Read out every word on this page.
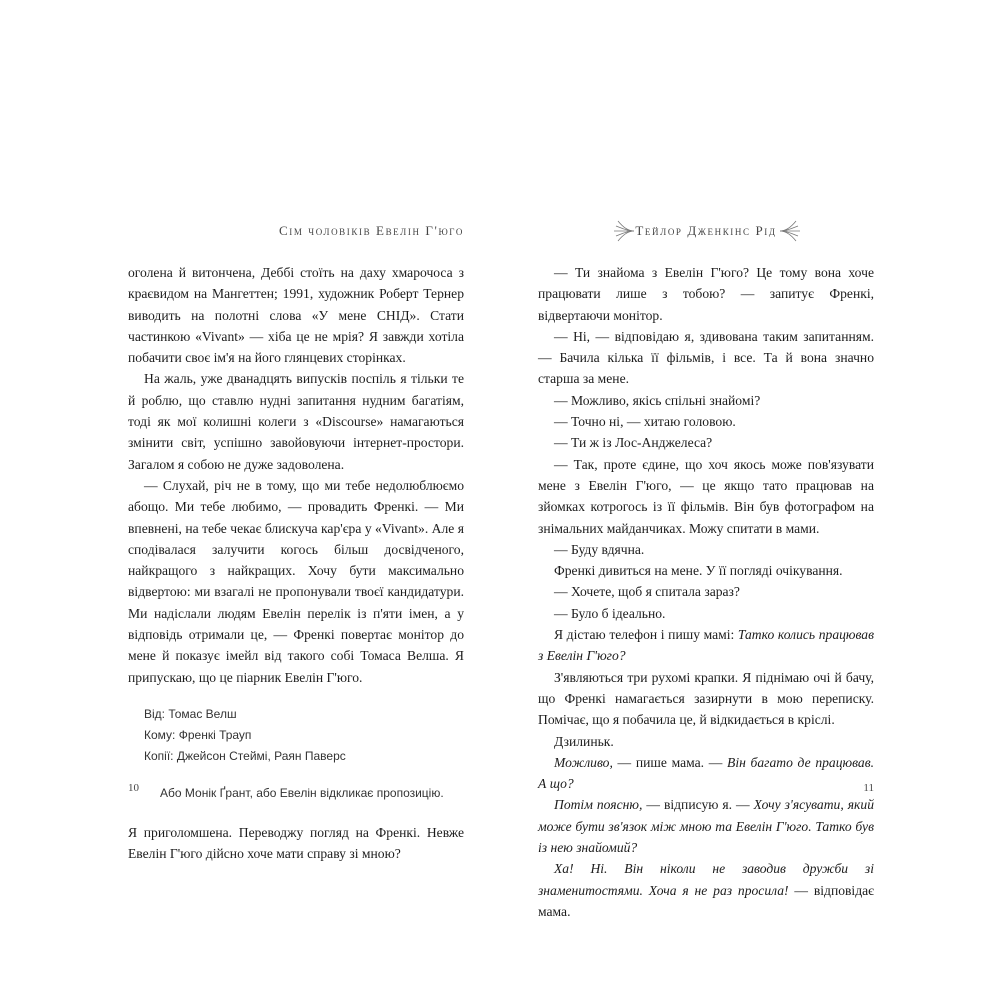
Сім чоловіків Евелін Г'юго

оголена й витончена, Деббі стоїть на даху хмарочоса з краєвидом на Мангеттен; 1991, художник Роберт Тернер виводить на полотні слова «У мене СНІД». Стати частинкою «Vivant» — хіба це не мрія? Я завжди хотіла побачити своє ім'я на його глянцевих сторінках.

На жаль, уже дванадцять випусків поспіль я тільки те й роблю, що ставлю нудні запитання нудним багатіям, тоді як мої колишні колеги з «Discourse» намагаються змінити світ, успішно завойовуючи інтернет-простори. Загалом я собою не дуже задоволена.

— Слухай, річ не в тому, що ми тебе недолюблюємо абощо. Ми тебе любимо, — провадить Френкі. — Ми впевнені, на тебе чекає блискуча кар'єра у «Vivant». Але я сподівалася залучити когось більш досвідченого, найкращого з найкращих. Хочу бути максимально відвертою: ми взагалі не пропонували твоєї кандидатури. Ми надіслали людям Евелін перелік із п'яти імен, а у відповідь отримали це, — Френкі повертає монітор до мене й показує імейл від такого собі Томаса Велша. Я припускаю, що це піарник Евелін Г'юго.

Від: Томас Велш
Кому: Френкі Трауп
Копії: Джейсон Стеймі, Раян Паверс
Або Монік Ґрант, або Евелін відкликає пропозицію.

Я приголомшена. Переводжу погляд на Френкі. Невже Евелін Г'юго дійсно хоче мати справу зі мною?

10
Тейлор Дженкінс Рід

— Ти знайома з Евелін Г'юго? Це тому вона хоче працювати лише з тобою? — запитує Френкі, відвертаючи монітор.

— Ні, — відповідаю я, здивована таким запитанням. — Бачила кілька її фільмів, і все. Та й вона значно старша за мене.

— Можливо, якісь спільні знайомі?

— Точно ні, — хитаю головою.

— Ти ж із Лос-Анджелеса?

— Так, проте єдине, що хоч якось може пов'язувати мене з Евелін Г'юго, — це якщо тато працював на зйомках котрогось із її фільмів. Він був фотографом на знімальних майданчиках. Можу спитати в мами.

— Буду вдячна.

Френкі дивиться на мене. У її погляді очікування.

— Хочете, щоб я спитала зараз?

— Було б ідеально.

Я дістаю телефон і пишу мамі: Татко колись працював з Евелін Г'юго?

З'являються три рухомі крапки. Я піднімаю очі й бачу, що Френкі намагається зазирнути в мою переписку. Помічає, що я побачила це, й відкидається в кріслі.

Дзилиньк.

Можливо, — пише мама. — Він багато де працював. А що?

Потім поясню, — відписую я. — Хочу з'ясувати, який може бути зв'язок між мною та Евелін Г'юго. Татко був із нею знайомий?

Ха! Ні. Він ніколи не заводив дружби зі знаменитостями. Хоча я не раз просила! — відповідає мама.

11
